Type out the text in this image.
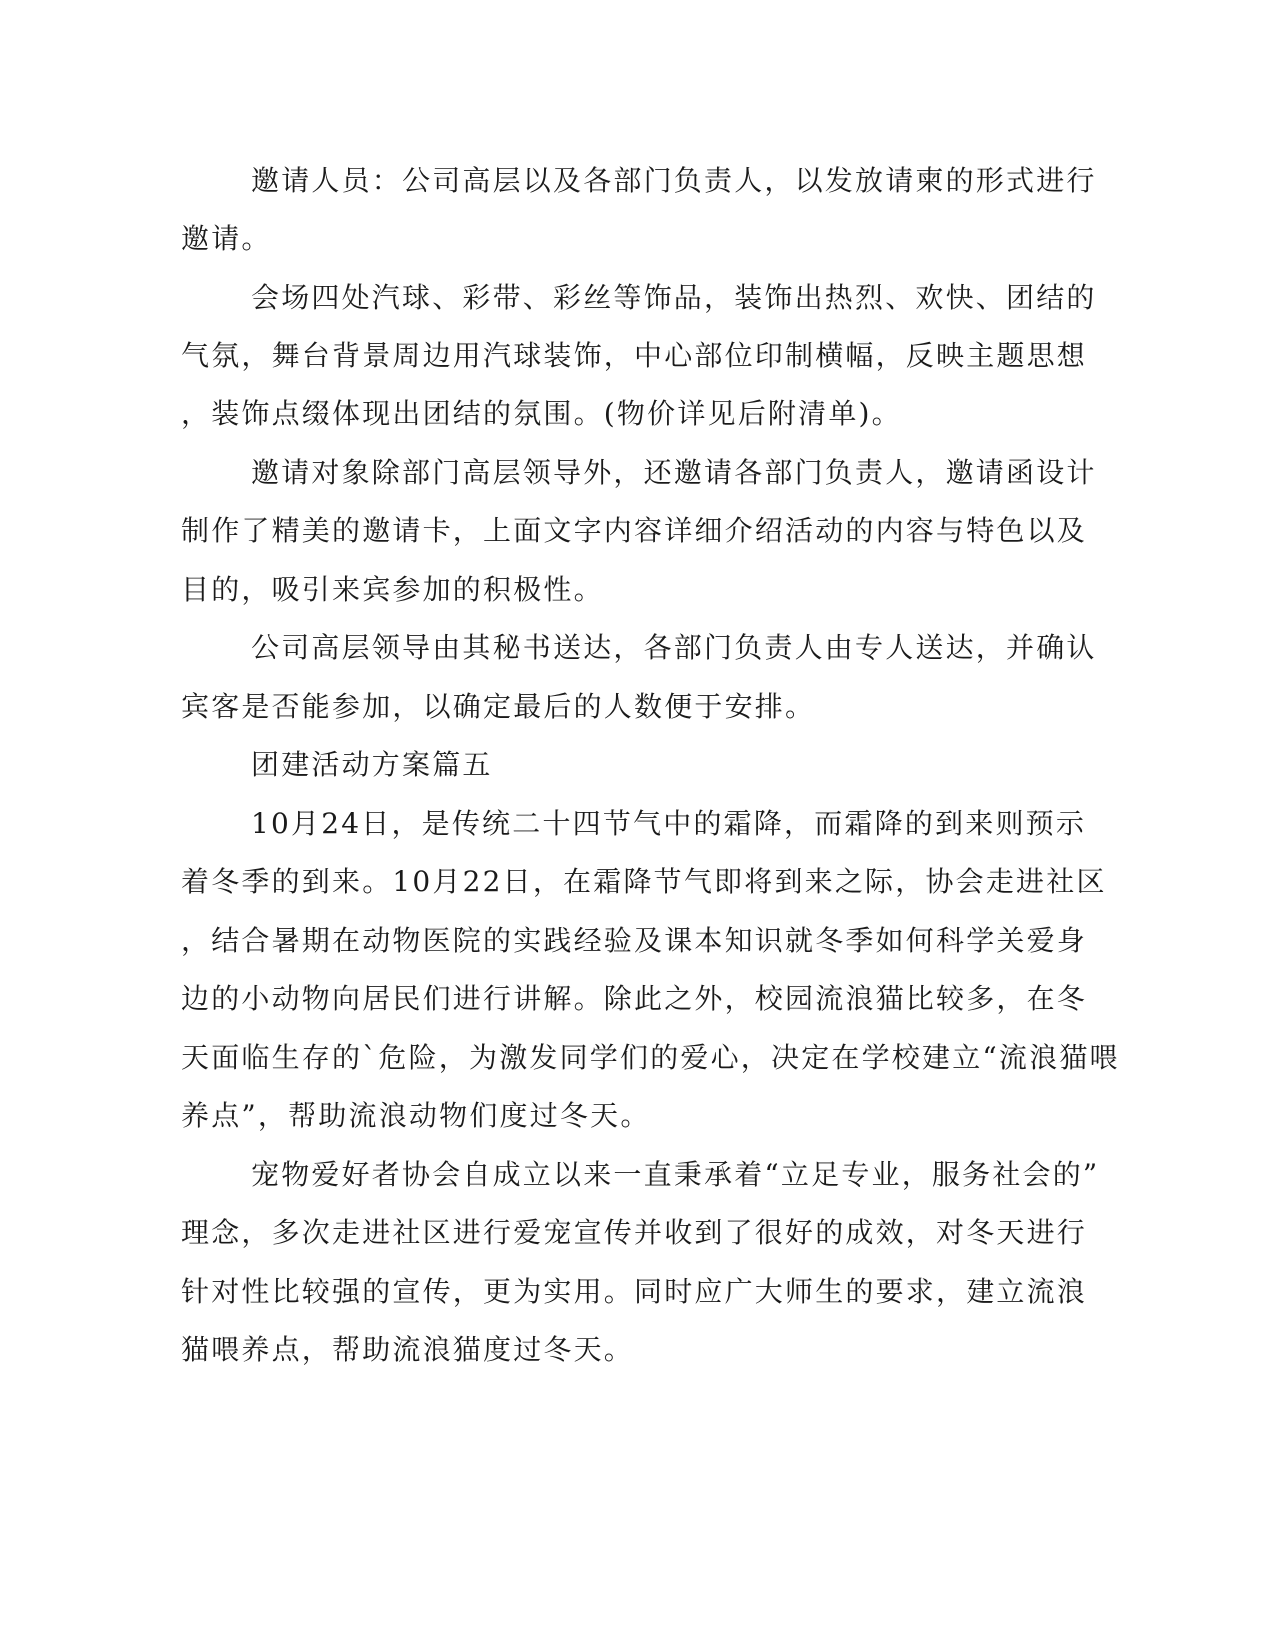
邀请人员：公司高层以及各部门负责人，以发放请柬的形式进行
邀请。
会场四处汽球、彩带、彩丝等饰品，装饰出热烈、欢快、团结的
气氛，舞台背景周边用汽球装饰，中心部位印制横幅，反映主题思想
，装饰点缀体现出团结的氛围。(物价详见后附清单)。
邀请对象除部门高层领导外，还邀请各部门负责人，邀请函设计
制作了精美的邀请卡，上面文字内容详细介绍活动的内容与特色以及
目的，吸引来宾参加的积极性。
公司高层领导由其秘书送达，各部门负责人由专人送达，并确认
宾客是否能参加，以确定最后的人数便于安排。
团建活动方案篇五
10月24日，是传统二十四节气中的霜降，而霜降的到来则预示
着冬季的到来。10月22日，在霜降节气即将到来之际，协会走进社区
，结合暑期在动物医院的实践经验及课本知识就冬季如何科学关爱身
边的小动物向居民们进行讲解。除此之外，校园流浪猫比较多，在冬
天面临生存的`危险，为激发同学们的爱心，决定在学校建立“流浪猫喂
养点”，帮助流浪动物们度过冬天。
宠物爱好者协会自成立以来一直秉承着“立足专业，服务社会的”
理念，多次走进社区进行爱宠宣传并收到了很好的成效，对冬天进行
针对性比较强的宣传，更为实用。同时应广大师生的要求，建立流浪
猫喂养点，帮助流浪猫度过冬天。
